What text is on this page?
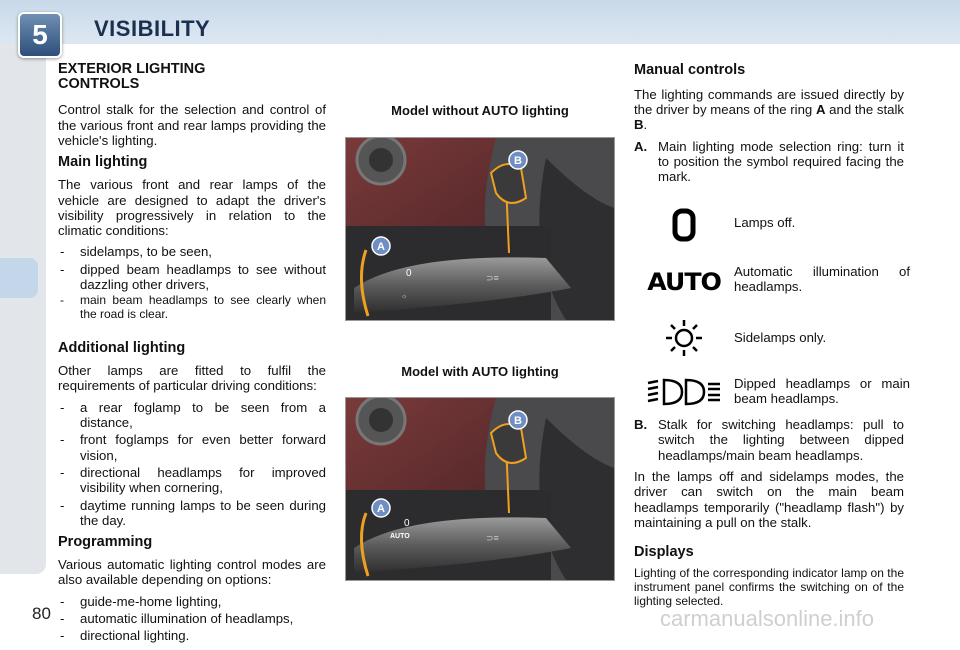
5	VISIBILITY
EXTERIOR LIGHTING
CONTROLS

Control stalk for the selection and control of the various front and rear lamps providing the vehicle's lighting.

Main lighting

The various front and rear lamps of the vehicle are designed to adapt the driver's visibility progressively in relation to the climatic conditions:

- sidelamps, to be seen,
- dipped beam headlamps to see without dazzling other drivers,
- main beam headlamps to see clearly when the road is clear.
Additional lighting

Other lamps are fitted to fulfil the requirements of particular driving conditions:

- a rear foglamp to be seen from a distance,
- front foglamps for even better forward vision,
- directional headlamps for improved visibility when cornering,
- daytime running lamps to be seen during the day.
Programming

Various automatic lighting control modes are also available depending on options:

- guide-me-home lighting,
- automatic illumination of headlamps,
- directional lighting.
Model without AUTO lighting
0
☼
⊃≡
A
B
Model with AUTO lighting
0
AUTO	⊃≡
A
B
Manual controls

The lighting commands are issued directly by the driver by means of the ring A and the stalk B.

A. Main lighting mode selection ring: turn it to position the symbol required facing the mark.
Lamps off.
AUTO Automatic illumination of headlamps.
Sidelamps only.
Dipped headlamps or main beam headlamps.
B. Stalk for switching headlamps: pull to switch the lighting between dipped headlamps/main beam headlamps.

In the lamps off and sidelamps modes, the driver can switch on the main beam headlamps temporarily ("headlamp flash") by maintaining a pull on the stalk.

Displays

Lighting of the corresponding indicator lamp on the instrument panel confirms the switching on of the lighting selected.

80	carmanualsonline.info
